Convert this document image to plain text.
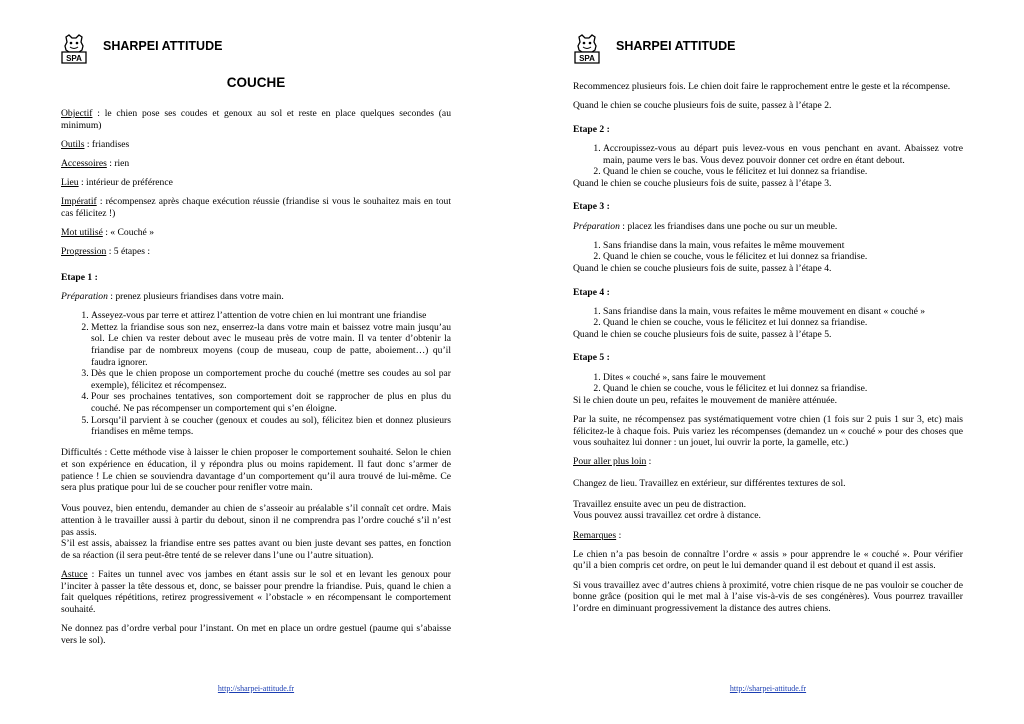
SPA
SHARPEI ATTITUDE
COUCHE

Objectif : le chien pose ses coudes et genoux au sol et reste en place quelques secondes (au minimum)

Outils : friandises

Accessoires : rien

Lieu : intérieur de préférence

Impératif : récompensez après chaque exécution réussie (friandise si vous le souhaitez mais en tout cas félicitez !)

Mot utilisé : « Couché »

Progression : 5 étapes :

Etape 1 :

Préparation : prenez plusieurs friandises dans votre main.

1. Asseyez-vous par terre et attirez l’attention de votre chien en lui montrant une friandise
2. Mettez la friandise sous son nez, enserrez-la dans votre main et baissez votre main jusqu’au sol. Le chien va rester debout avec le museau près de votre main. Il va tenter d’obtenir la friandise par de nombreux moyens (coup de museau, coup de patte, aboiement…) qu’il faudra ignorer.
3. Dès que le chien propose un comportement proche du couché (mettre ses coudes au sol par exemple), félicitez et récompensez.
4. Pour ses prochaines tentatives, son comportement doit se rapprocher de plus en plus du couché. Ne pas récompenser un comportement qui s’en éloigne.
5. Lorsqu’il parvient à se coucher (genoux et coudes au sol), félicitez bien et donnez plusieurs friandises en même temps.

Difficultés : Cette méthode vise à laisser le chien proposer le comportement souhaité. Selon le chien et son expérience en éducation, il y répondra plus ou moins rapidement. Il faut donc s’armer de patience ! Le chien se souviendra davantage d’un comportement qu’il aura trouvé de lui-même. Ce sera plus pratique pour lui de se coucher pour renifler votre main.

Vous pouvez, bien entendu, demander au chien de s’asseoir au préalable s’il connaît cet ordre. Mais attention à le travailler aussi à partir du debout, sinon il ne comprendra pas l’ordre couché s’il n’est pas assis.

S’il est assis, abaissez la friandise entre ses pattes avant ou bien juste devant ses pattes, en fonction de sa réaction (il sera peut-être tenté de se relever dans l’une ou l’autre situation).

Astuce : Faites un tunnel avec vos jambes en étant assis sur le sol et en levant les genoux pour l’inciter à passer la tête dessous et, donc, se baisser pour prendre la friandise. Puis, quand le chien a fait quelques répétitions, retirez progressivement « l’obstacle » en récompensant le comportement souhaité.

Ne donnez pas d’ordre verbal pour l’instant. On met en place un ordre gestuel (paume qui s’abaisse vers le sol).

http://sharpei-attitude.fr
SPA
SHARPEI ATTITUDE

Recommencez plusieurs fois. Le chien doit faire le rapprochement entre le geste et la récompense.

Quand le chien se couche plusieurs fois de suite, passez à l’étape 2.

Etape 2 :

1. Accroupissez-vous au départ puis levez-vous en vous penchant en avant. Abaissez votre main, paume vers le bas. Vous devez pouvoir donner cet ordre en étant debout.
2. Quand le chien se couche, vous le félicitez et lui donnez sa friandise.

Quand le chien se couche plusieurs fois de suite, passez à l’étape 3.

Etape 3 :

Préparation : placez les friandises dans une poche ou sur un meuble.

1. Sans friandise dans la main, vous refaites le même mouvement
2. Quand le chien se couche, vous le félicitez et lui donnez sa friandise.

Quand le chien se couche plusieurs fois de suite, passez à l’étape 4.

Etape 4 :

1. Sans friandise dans la main, vous refaites le même mouvement en disant « couché »
2. Quand le chien se couche, vous le félicitez et lui donnez sa friandise.

Quand le chien se couche plusieurs fois de suite, passez à l’étape 5.

Etape 5 :

1. Dites « couché », sans faire le mouvement
2. Quand le chien se couche, vous le félicitez et lui donnez sa friandise.

Si le chien doute un peu, refaites le mouvement de manière atténuée.

Par la suite, ne récompensez pas systématiquement votre chien (1 fois sur 2 puis 1 sur 3, etc) mais félicitez-le à chaque fois. Puis variez les récompenses (demandez un « couché » pour des choses que vous souhaitez lui donner : un jouet, lui ouvrir la porte, la gamelle, etc.)

Pour aller plus loin :

Changez de lieu. Travaillez en extérieur, sur différentes textures de sol.

Travaillez ensuite avec un peu de distraction.

Vous pouvez aussi travaillez cet ordre à distance.

Remarques :

Le chien n’a pas besoin de connaître l’ordre « assis » pour apprendre le « couché ». Pour vérifier qu’il a bien compris cet ordre, on peut le lui demander quand il est debout et quand il est assis.

Si vous travaillez avec d’autres chiens à proximité, votre chien risque de ne pas vouloir se coucher de bonne grâce (position qui le met mal à l’aise vis-à-vis de ses congénères). Vous pourrez travailler l’ordre en diminuant progressivement la distance des autres chiens.

http://sharpei-attitude.fr
